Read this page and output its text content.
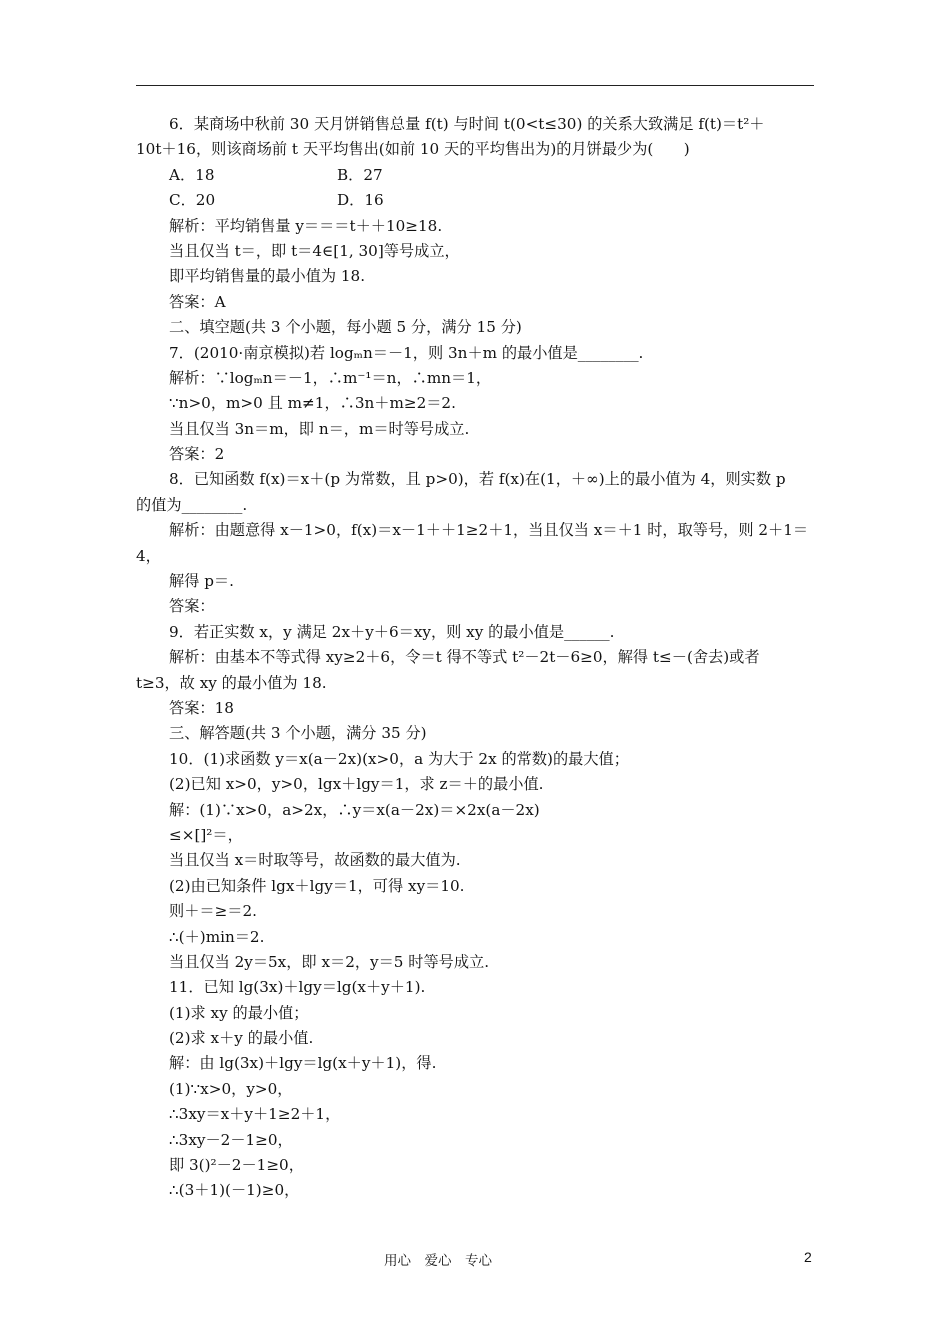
6．某商场中秋前 30 天月饼销售总量 f(t) 与时间 t(0<t≤30) 的关系大致满足 f(t)＝t²＋
10t＋16，则该商场前 t 天平均售出(如前 10 天的平均售出为)的月饼最少为(　　)
A．18	B．27
C．20	D．16
解析：平均销售量 y＝＝＝t＋＋10≥18.
当且仅当 t＝，即 t＝4∈[1, 30]等号成立，
即平均销售量的最小值为 18.
答案：A
二、填空题(共 3 个小题，每小题 5 分，满分 15 分)
7．(2010·南京模拟)若 logₘn＝－1，则 3n＋m 的最小值是________.
解析：∵logₘn＝－1，∴m⁻¹＝n，∴mn＝1，
∵n>0，m>0 且 m≠1，∴3n＋m≥2＝2.
当且仅当 3n＝m，即 n＝，m＝时等号成立.
答案：2
8．已知函数 f(x)＝x＋(p 为常数，且 p>0)，若 f(x)在(1，＋∞)上的最小值为 4，则实数 p
的值为________.
解析：由题意得 x－1>0，f(x)＝x－1＋＋1≥2＋1，当且仅当 x＝＋1 时，取等号，则 2＋1＝
4，
解得 p＝.
答案：
9．若正实数 x，y 满足 2x＋y＋6＝xy，则 xy 的最小值是______.
解析：由基本不等式得 xy≥2＋6，令＝t 得不等式 t²－2t－6≥0，解得 t≤－(舍去)或者
t≥3，故 xy 的最小值为 18.
答案：18
三、解答题(共 3 个小题，满分 35 分)
10．(1)求函数 y＝x(a－2x)(x>0，a 为大于 2x 的常数)的最大值；
(2)已知 x>0，y>0，lgx＋lgy＝1，求 z＝＋的最小值.
解：(1)∵x>0，a>2x，∴y＝x(a－2x)＝×2x(a－2x)
≤×[]²＝，
当且仅当 x＝时取等号，故函数的最大值为.
(2)由已知条件 lgx＋lgy＝1，可得 xy＝10.
则＋＝≥＝2.
∴(＋)min＝2.
当且仅当 2y＝5x，即 x＝2，y＝5 时等号成立.
11．已知 lg(3x)＋lgy＝lg(x＋y＋1).
(1)求 xy 的最小值；
(2)求 x＋y 的最小值.
解：由 lg(3x)＋lgy＝lg(x＋y＋1)，得.
(1)∵x>0，y>0，
∴3xy＝x＋y＋1≥2＋1，
∴3xy－2－1≥0，
即 3()²－2－1≥0，
∴(3＋1)(－1)≥0，
用心　爱心　专心	2
